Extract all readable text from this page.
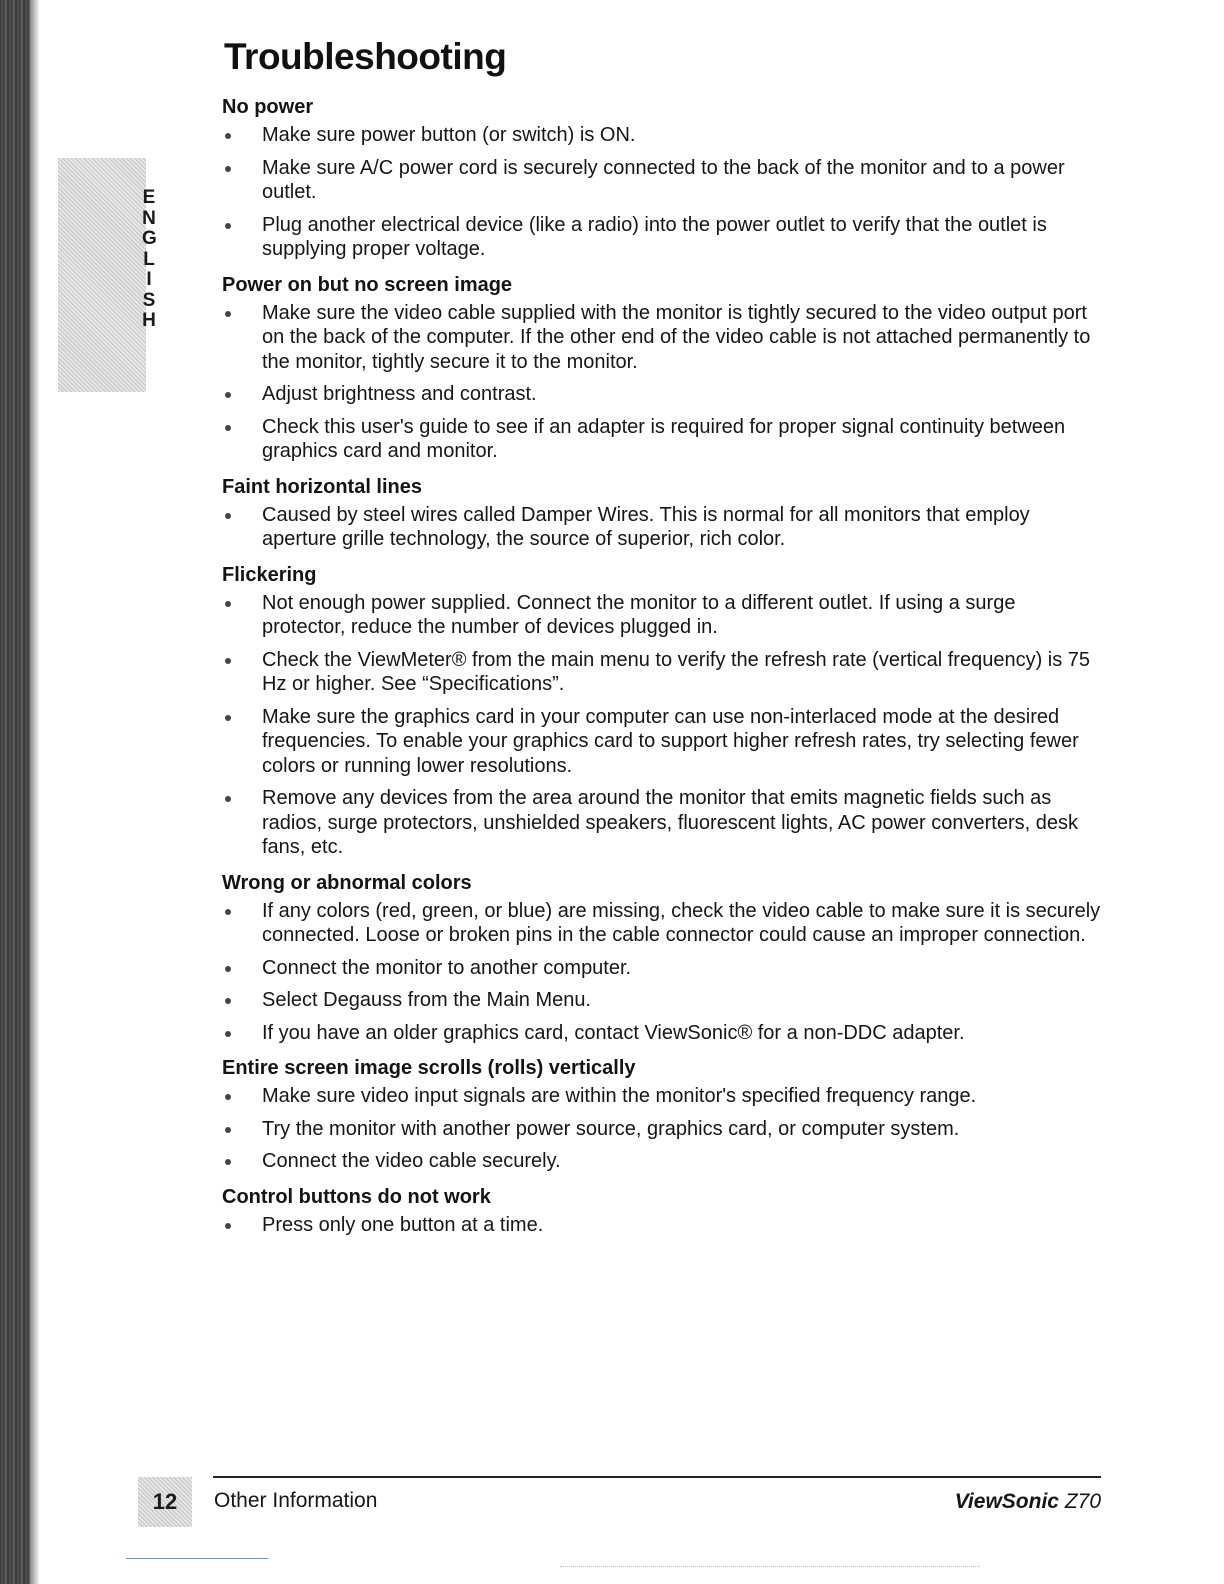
ENGLISH
Troubleshooting
No power
Make sure power button (or switch) is ON.
Make sure A/C power cord is securely connected to the back of the monitor and to a power outlet.
Plug another electrical device (like a radio) into the power outlet to verify that the outlet is supplying proper voltage.
Power on but no screen image
Make sure the video cable supplied with the monitor is tightly secured to the video output port on the back of the computer. If the other end of the video cable is not attached permanently to the monitor, tightly secure it to the monitor.
Adjust brightness and contrast.
Check this user's guide to see if an adapter is required for proper signal continuity between graphics card and monitor.
Faint horizontal lines
Caused by steel wires called Damper Wires. This is normal for all monitors that employ aperture grille technology, the source of superior, rich color.
Flickering
Not enough power supplied. Connect the monitor to a different outlet. If using a surge protector, reduce the number of devices plugged in.
Check the ViewMeter® from the main menu to verify the refresh rate (vertical frequency) is 75 Hz or higher. See “Specifications”.
Make sure the graphics card in your computer can use non-interlaced mode at the desired frequencies. To enable your graphics card to support higher refresh rates, try selecting fewer colors or running lower resolutions.
Remove any devices from the area around the monitor that emits magnetic fields such as radios, surge protectors, unshielded speakers, fluorescent lights, AC power converters, desk fans, etc.
Wrong or abnormal colors
If any colors (red, green, or blue) are missing, check the video cable to make sure it is securely connected. Loose or broken pins in the cable connector could cause an improper connection.
Connect the monitor to another computer.
Select Degauss from the Main Menu.
If you have an older graphics card, contact ViewSonic® for a non-DDC adapter.
Entire screen image scrolls (rolls) vertically
Make sure video input signals are within the monitor's specified frequency range.
Try the monitor with another power source, graphics card, or computer system.
Connect the video cable securely.
Control buttons do not work
Press only one button at a time.
12	Other Information	ViewSonic Z70
